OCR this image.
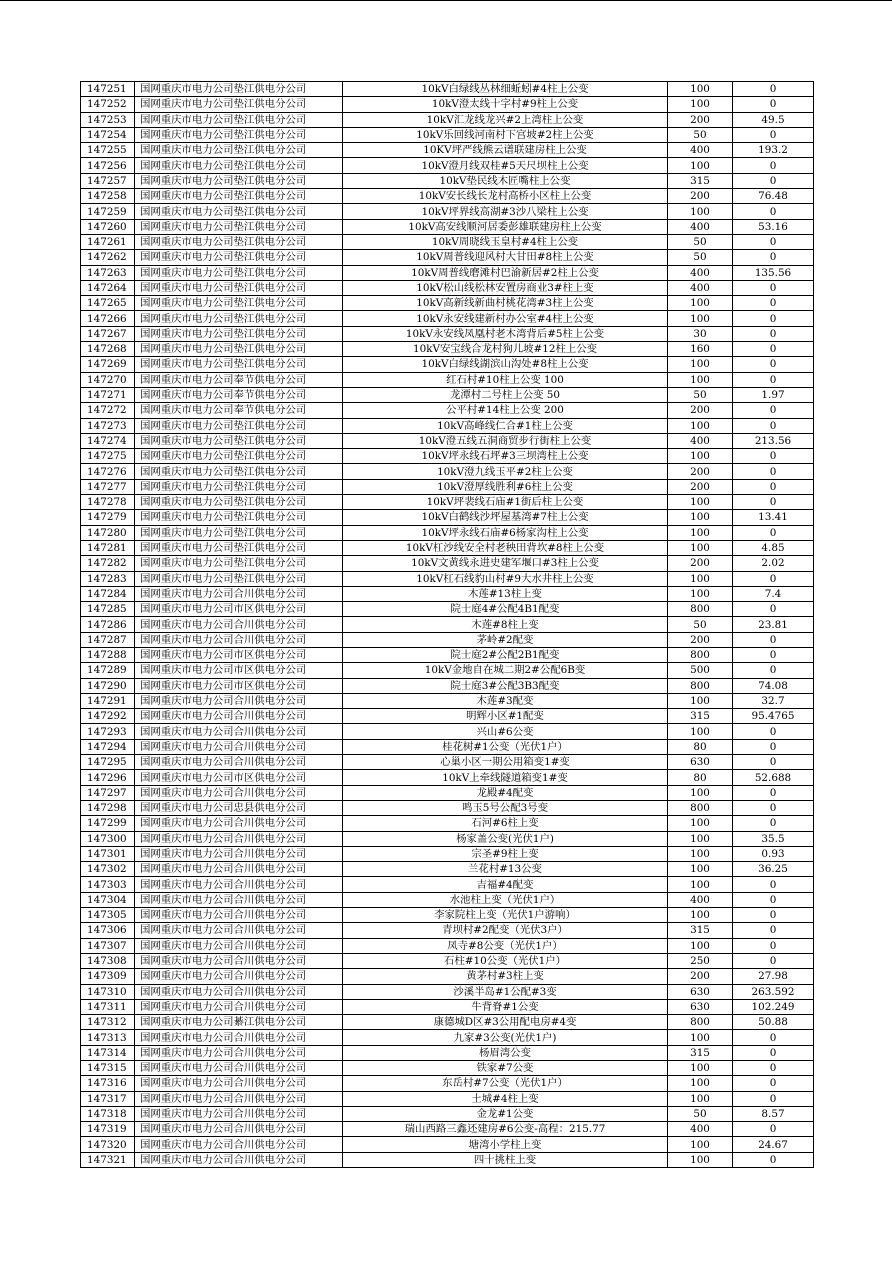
147251	国网重庆市电力公司垫江供电分公司	10kV白绿线丛林细蚯蚓#4柱上公变	100	0
147252	国网重庆市电力公司垫江供电分公司	10kV澄太线十字村#9柱上公变	100	0
147253	国网重庆市电力公司垫江供电分公司	10kV汇龙线龙兴#2上湾柱上公变	200	49.5
147254	国网重庆市电力公司垫江供电分公司	10kV乐回线河南村下宫坡#2柱上公变	50	0
147255	国网重庆市电力公司垫江供电分公司	10KV坪严线熊云谱联建房柱上公变	400	193.2
147256	国网重庆市电力公司垫江供电分公司	10kV澄月线双桂#5天尺坝柱上公变	100	0
147257	国网重庆市电力公司垫江供电分公司	10kV垫民线木匠嘴柱上公变	315	0
147258	国网重庆市电力公司垫江供电分公司	10kV安长线长龙村高桥小区柱上公变	200	76.48
147259	国网重庆市电力公司垫江供电分公司	10kV坪界线高湖#3沙八梁柱上公变	100	0
147260	国网重庆市电力公司垫江供电分公司	10kV高安线顺河居委彭雄联建房柱上公变	400	53.16
147261	国网重庆市电力公司垫江供电分公司	10kV周晓线玉皇村#4柱上公变	50	0
147262	国网重庆市电力公司垫江供电分公司	10kV周普线迎风村大甘田#8柱上公变	50	0
147263	国网重庆市电力公司垫江供电分公司	10kV周普线磨滩村巴渝新居#2柱上公变	400	135.56
147264	国网重庆市电力公司垫江供电分公司	10kV松山线松林安置房商业3#柱上变	400	0
147265	国网重庆市电力公司垫江供电分公司	10kV高新线新曲村桃花湾#3柱上公变	100	0
147266	国网重庆市电力公司垫江供电分公司	10kV永安线建新村办公室#4柱上公变	100	0
147267	国网重庆市电力公司垫江供电分公司	10kV永安线凤凰村老木湾背后#5柱上公变	30	0
147268	国网重庆市电力公司垫江供电分公司	10kV安宝线合龙村狗儿坡#12柱上公变	160	0
147269	国网重庆市电力公司垫江供电分公司	10kV白绿线湖滨山沟处#8柱上公变	100	0
147270	国网重庆市电力公司奉节供电分公司	红石村#10柱上公变 100	100	0
147271	国网重庆市电力公司奉节供电分公司	龙潭村二号柱上公变 50	50	1.97
147272	国网重庆市电力公司奉节供电分公司	公平村#14柱上公变 200	200	0
147273	国网重庆市电力公司垫江供电分公司	10kV高峰线仁合#1柱上公变	100	0
147274	国网重庆市电力公司垫江供电分公司	10kV澄五线五洞商贸步行街柱上公变	400	213.56
147275	国网重庆市电力公司垫江供电分公司	10kV坪永线石坪#3三坝湾柱上公变	100	0
147276	国网重庆市电力公司垫江供电分公司	10kV澄九线玉平#2柱上公变	200	0
147277	国网重庆市电力公司垫江供电分公司	10kV澄厚线胜利#6柱上公变	200	0
147278	国网重庆市电力公司垫江供电分公司	10kV坪裴线石庙#1街后柱上公变	100	0
147279	国网重庆市电力公司垫江供电分公司	10kV白鹤线沙坪屋基湾#7柱上公变	100	13.41
147280	国网重庆市电力公司垫江供电分公司	10kV坪永线石庙#6杨家沟柱上公变	100	0
147281	国网重庆市电力公司垫江供电分公司	10kV杠沙线安全村老秧田背坎#8柱上公变	100	4.85
147282	国网重庆市电力公司垫江供电分公司	10kV文黄线永进史建军堰口#3柱上公变	200	2.02
147283	国网重庆市电力公司垫江供电分公司	10kV杠石线豹山村#9大水井柱上公变	100	0
147284	国网重庆市电力公司合川供电分公司	木莲#13柱上变	100	7.4
147285	国网重庆市电力公司市区供电分公司	院士庭4#公配4B1配变	800	0
147286	国网重庆市电力公司合川供电分公司	木莲#8柱上变	50	23.81
147287	国网重庆市电力公司合川供电分公司	茅岭#2配变	200	0
147288	国网重庆市电力公司市区供电分公司	院士庭2#公配2B1配变	800	0
147289	国网重庆市电力公司市区供电分公司	10kV金地自在城二期2#公配6B变	500	0
147290	国网重庆市电力公司市区供电分公司	院士庭3#公配3B3配变	800	74.08
147291	国网重庆市电力公司合川供电分公司	木莲#3配变	100	32.7
147292	国网重庆市电力公司合川供电分公司	明辉小区#1配变	315	95.4765
147293	国网重庆市电力公司合川供电分公司	兴山#6公变	100	0
147294	国网重庆市电力公司合川供电分公司	桂花树#1公变（光伏1户）	80	0
147295	国网重庆市电力公司合川供电分公司	心巢小区一期公用箱变1#变	630	0
147296	国网重庆市电力公司市区供电分公司	10kV上牵线隧道箱变1#变	80	52.688
147297	国网重庆市电力公司合川供电分公司	龙殿#4配变	100	0
147298	国网重庆市电力公司忠县供电分公司	鸣玉5号公配3号变	800	0
147299	国网重庆市电力公司合川供电分公司	石河#6柱上变	100	0
147300	国网重庆市电力公司合川供电分公司	杨家盖公变(光伏1户)	100	35.5
147301	国网重庆市电力公司合川供电分公司	宗圣#9柱上变	100	0.93
147302	国网重庆市电力公司合川供电分公司	兰花村#13公变	100	36.25
147303	国网重庆市电力公司合川供电分公司	吉福#4配变	100	0
147304	国网重庆市电力公司合川供电分公司	水池柱上变（光伏1户）	400	0
147305	国网重庆市电力公司合川供电分公司	李家院柱上变（光伏1户游响）	100	0
147306	国网重庆市电力公司合川供电分公司	青坝村#2配变（光伏3户）	315	0
147307	国网重庆市电力公司合川供电分公司	凤寺#8公变（光伏1户）	100	0
147308	国网重庆市电力公司合川供电分公司	石柱#10公变（光伏1户）	250	0
147309	国网重庆市电力公司合川供电分公司	黄茅村#3柱上变	200	27.98
147310	国网重庆市电力公司合川供电分公司	沙溪半岛#1公配#3变	630	263.592
147311	国网重庆市电力公司合川供电分公司	牛背脊#1公变	630	102.249
147312	国网重庆市电力公司綦江供电分公司	康德城D区#3公用配电房#4变	800	50.88
147313	国网重庆市电力公司合川供电分公司	九家#3公变(光伏1户)	100	0
147314	国网重庆市电力公司合川供电分公司	杨眉湾公变	315	0
147315	国网重庆市电力公司合川供电分公司	铁家#7公变	100	0
147316	国网重庆市电力公司合川供电分公司	东岳村#7公变（光伏1户）	100	0
147317	国网重庆市电力公司合川供电分公司	土城#4柱上变	100	0
147318	国网重庆市电力公司合川供电分公司	金龙#1公变	50	8.57
147319	国网重庆市电力公司合川供电分公司	瑞山西路三鑫还建房#6公变-高程：215.77	400	0
147320	国网重庆市电力公司合川供电分公司	塘湾小学柱上变	100	24.67
147321	国网重庆市电力公司合川供电分公司	四十挑柱上变	100	0
